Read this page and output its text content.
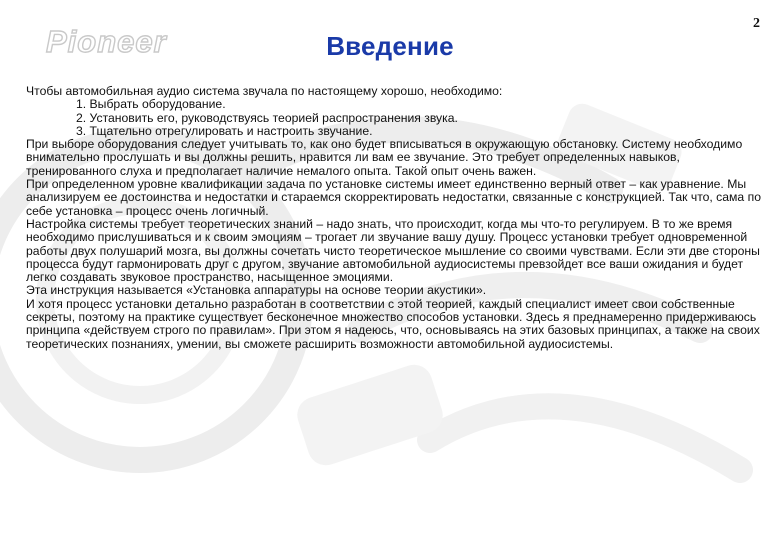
Pioneer
2
Введение

Чтобы автомобильная аудио система звучала по настоящему хорошо, необходимо:

1. Выбрать оборудование.

2. Установить его, руководствуясь теорией распространения звука.

3. Тщательно отрегулировать и настроить звучание.

При выборе оборудования следует учитывать то, как оно будет вписываться в окружающую обстановку. Систему необходимо внимательно прослушать и вы должны решить, нравится ли вам ее звучание. Это требует определенных навыков, тренированного слуха и предполагает наличие немалого опыта. Такой опыт очень важен.

При определенном уровне квалификации задача по установке системы имеет единственно верный ответ – как уравнение. Мы анализируем ее достоинства и недостатки и стараемся скорректировать недостатки, связанные с конструкцией. Так что, сама по себе установка – процесс очень логичный.

Настройка системы требует теоретических знаний – надо знать, что происходит, когда мы что-то регулируем. В то же время необходимо прислушиваться и к своим эмоциям – трогает ли звучание вашу душу. Процесс установки требует одновременной работы двух полушарий мозга, вы должны сочетать чисто теоретическое мышление со своими чувствами. Если эти две стороны процесса будут гармонировать друг с другом, звучание автомобильной аудиосистемы превзойдет все ваши ожидания и будет легко создавать звуковое пространство, насыщенное эмоциями.

Эта инструкция называется «Установка аппаратуры на основе теории акустики».

И хотя процесс установки детально разработан в соответствии с этой теорией, каждый специалист имеет свои собственные секреты, поэтому на практике существует бесконечное множество способов установки. Здесь я преднамеренно придерживаюсь принципа «действуем строго по правилам». При этом я надеюсь, что, основываясь на этих базовых принципах, а также на своих теоретических познаниях, умении, вы сможете расширить возможности автомобильной аудиосистемы.
